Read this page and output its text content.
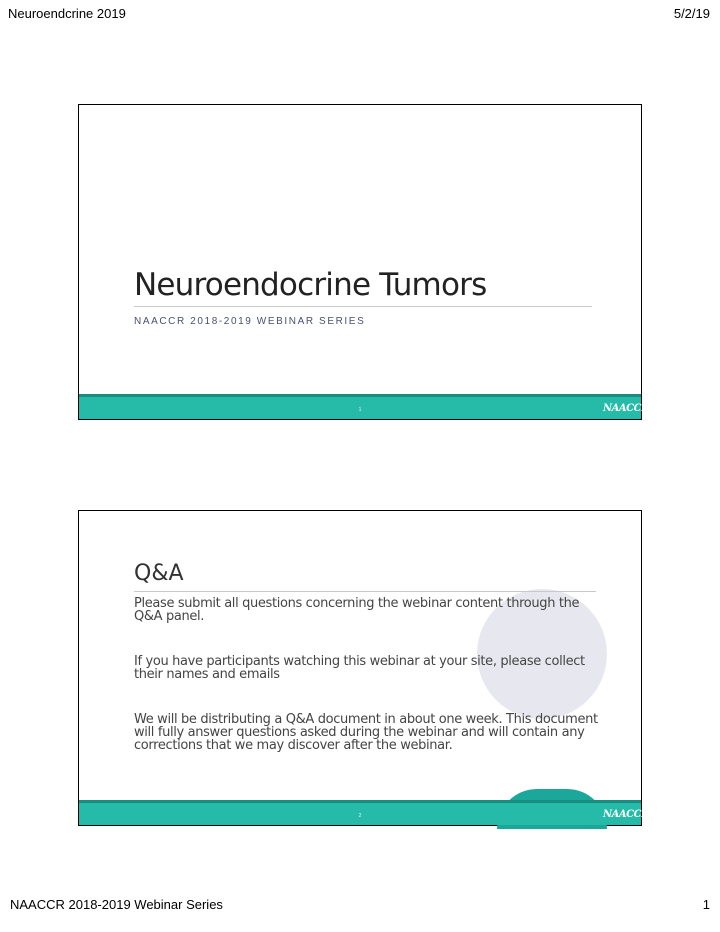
Neuroendcrine 2019	5/2/19
Neuroendocrine Tumors
NAACCR 2018-2019 WEBINAR SERIES
1	NAACCR
Q&A
Please submit all questions concerning the webinar content through the Q&A panel.
If you have participants watching this webinar at your site, please collect their names and emails
We will be distributing a Q&A document in about one week. This document will fully answer questions asked during the webinar and will contain any corrections that we may discover after the webinar.
2	NAACCR
NAACCR 2018-2019 Webinar Series	1
